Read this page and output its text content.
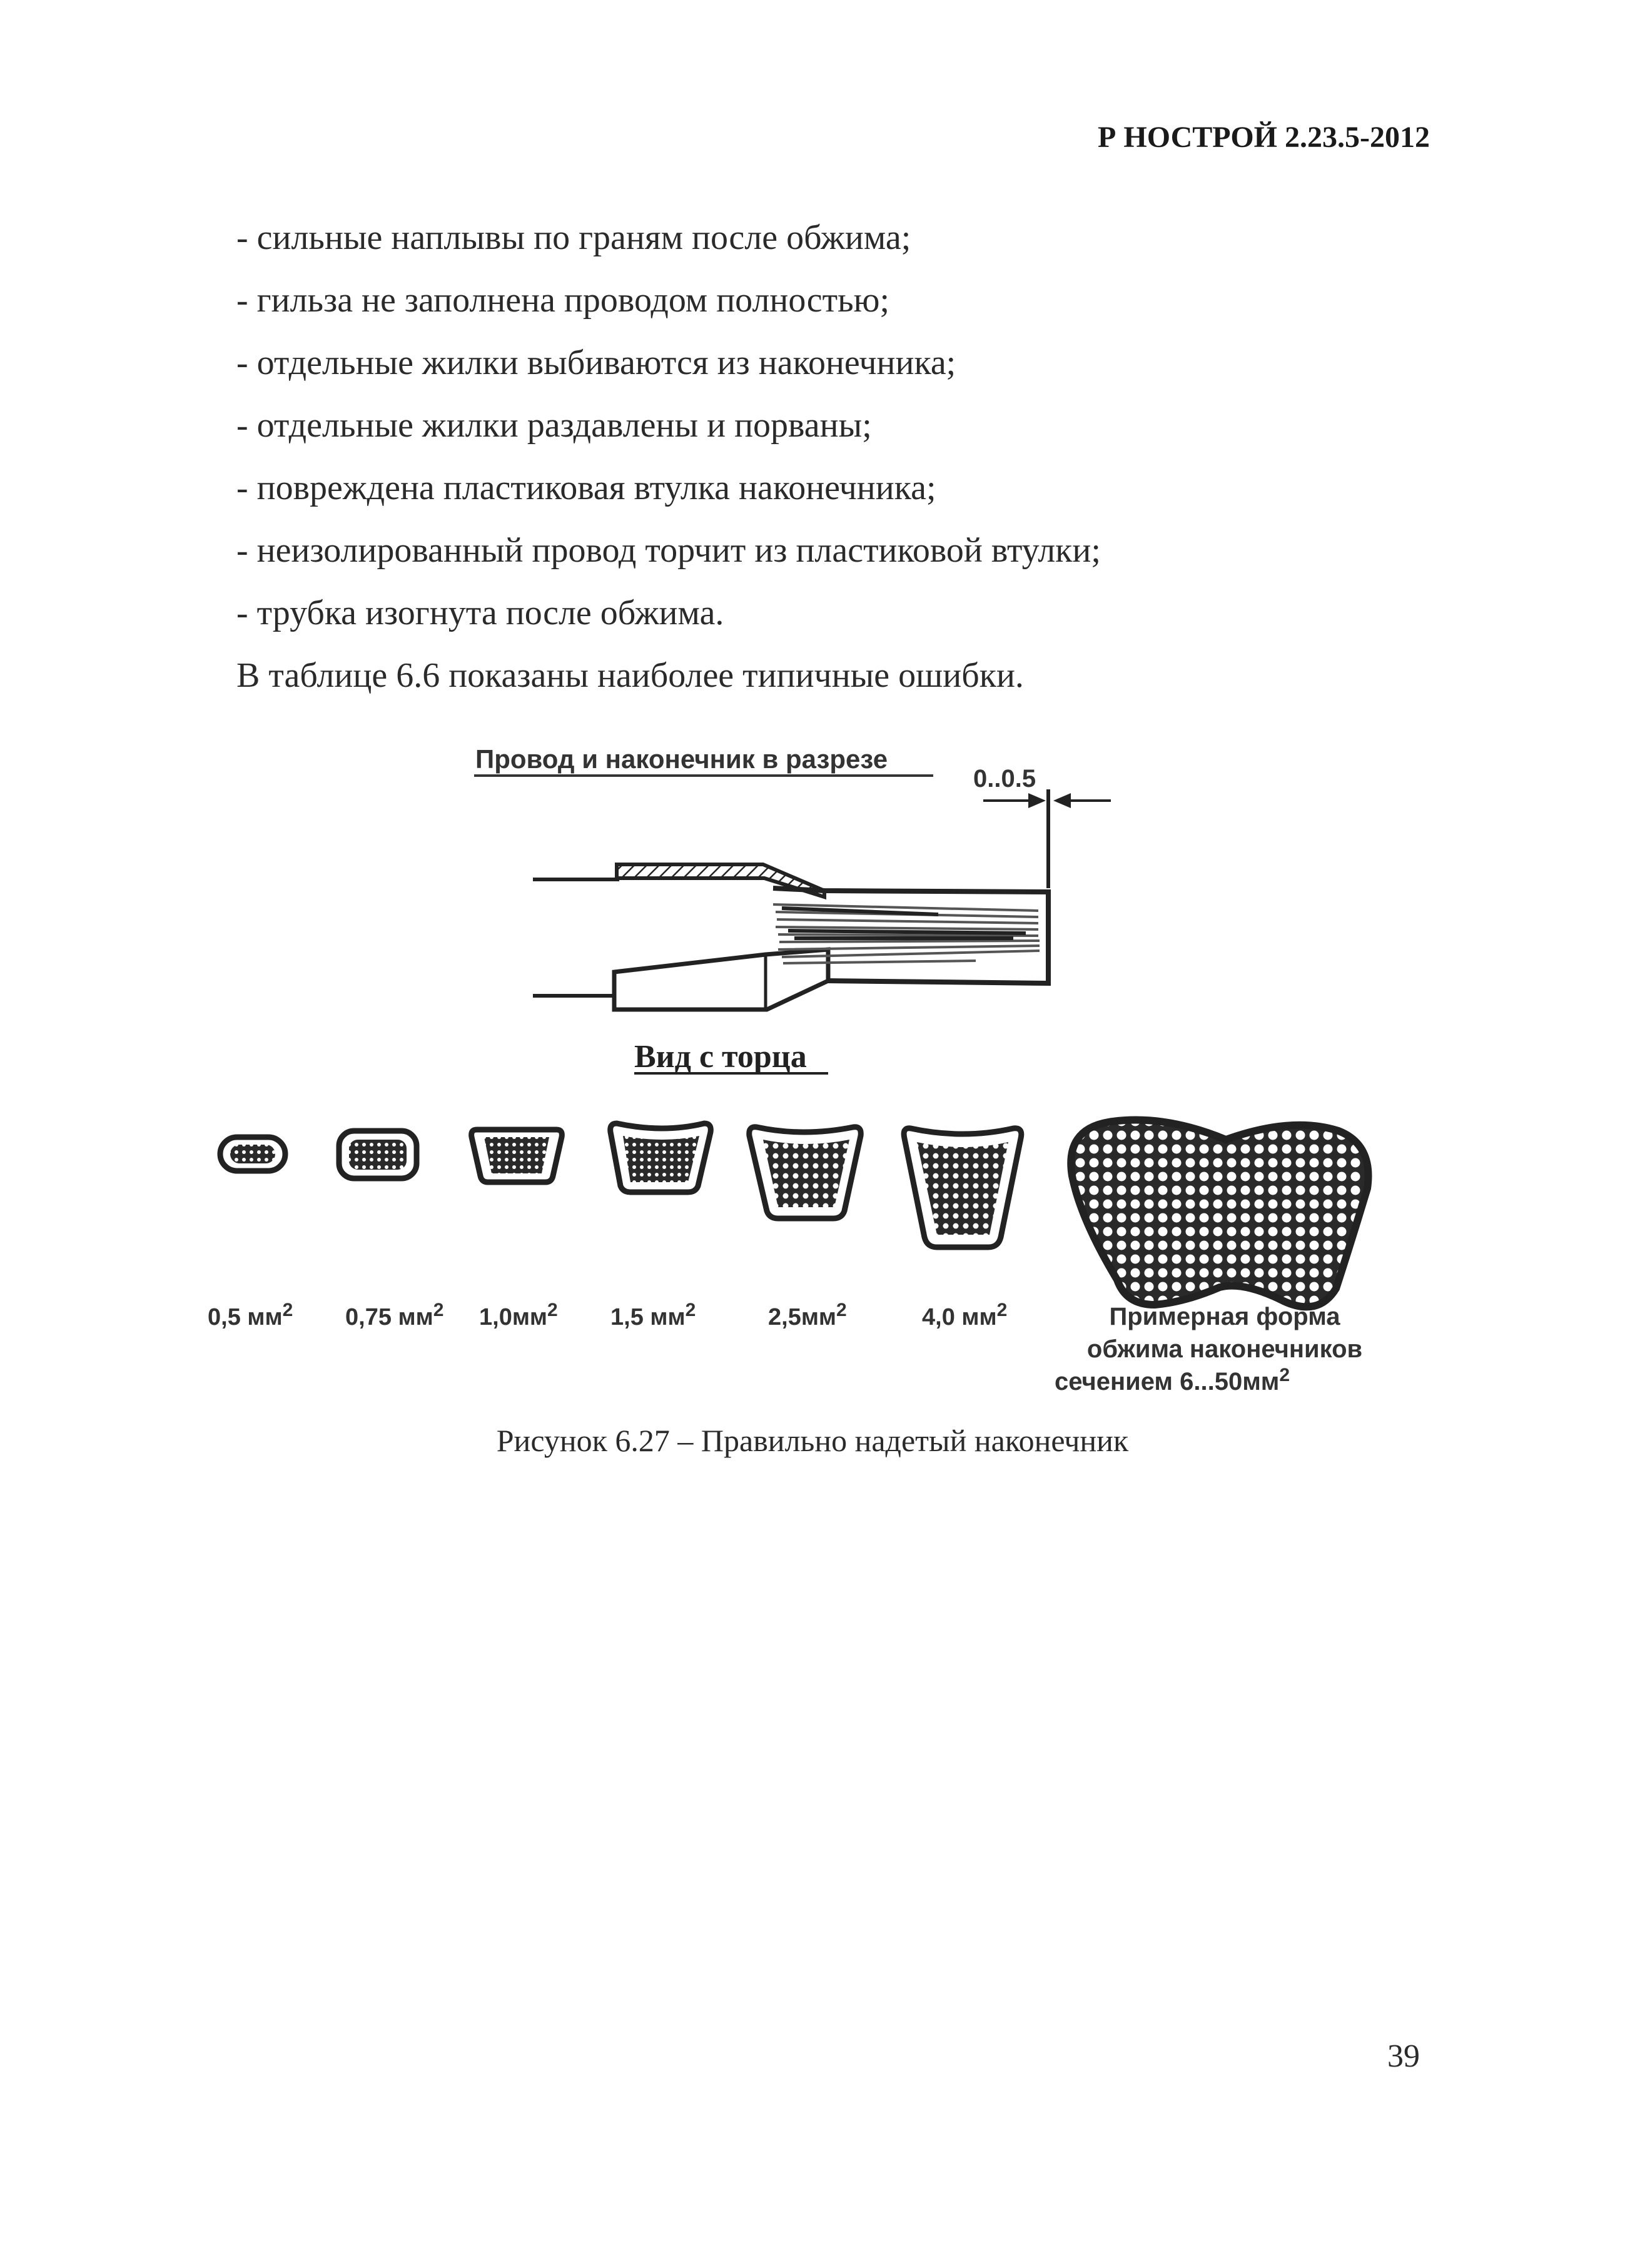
Р НОСТРОЙ 2.23.5-2012

- сильные наплывы по граням после обжима;

- гильза не заполнена проводом полностью;

- отдельные жилки выбиваются из наконечника;

- отдельные жилки раздавлены и порваны;

- повреждена пластиковая втулка наконечника;

- неизолированный провод торчит из пластиковой втулки;

- трубка изогнута после обжима.

В таблице 6.6 показаны наиболее типичные ошибки.

Провод и наконечник в разрезе
0..0.5
Вид с торца
0,5 $мм^2$ 0,75 $мм^2$ $1,0мм^2$ 1,5 $мм^2$	$2,5мм^2$	4,0 $мм^2$	Примерная форма
обжима наконечников
сечением $6...50мм^2$
Рисунок 6.27 – Правильно надетый наконечник
39
